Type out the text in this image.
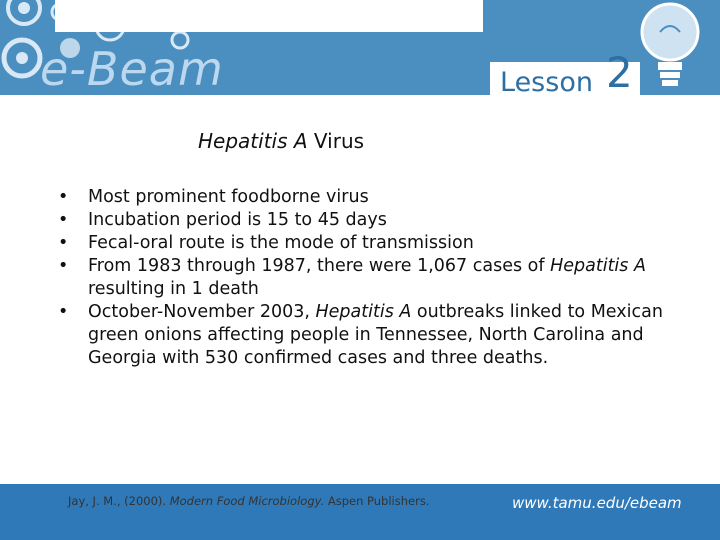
e-Beam	Lesson 2
Hepatitis A Virus
• Most prominent foodborne virus
• Incubation period is 15 to 45 days
• Fecal-oral route is the mode of transmission
• From 1983 through 1987, there were 1,067 cases of Hepatitis A resulting in 1 death
• October-November 2003, Hepatitis A outbreaks linked to Mexican green onions affecting people in Tennessee, North Carolina and Georgia with 530 confirmed cases and three deaths.
Jay, J. M., (2000). Modern Food Microbiology. Aspen Publishers.	www.tamu.edu/ebeam
